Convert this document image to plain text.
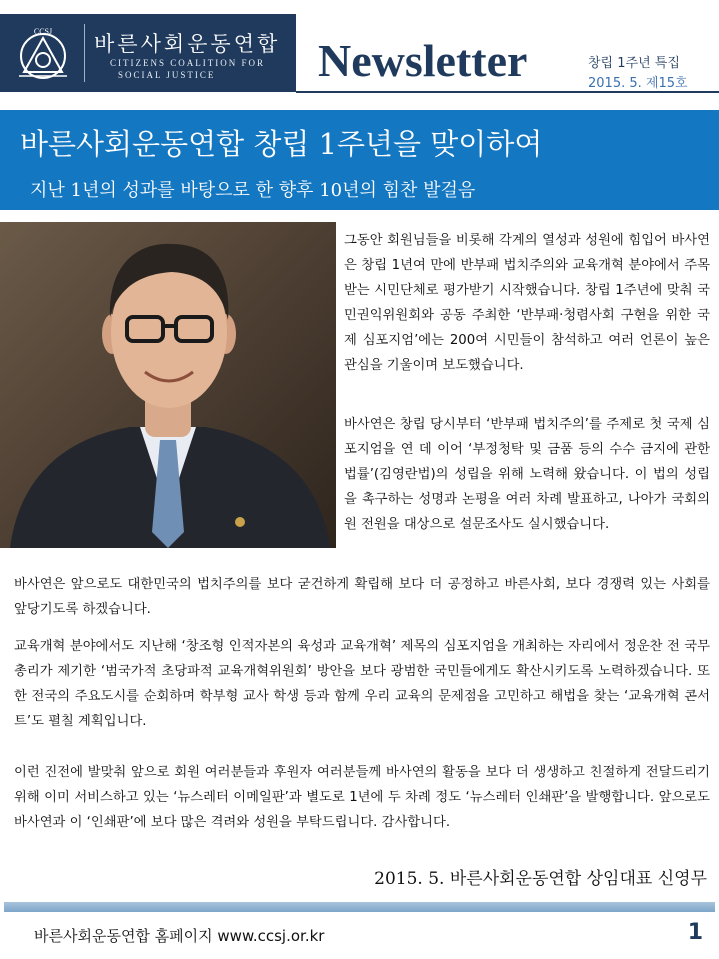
CCSJ
바른사회운동연합
CITIZENS COALITION FOR
SOCIAL JUSTICE Newsletter	창립 1주년 특집
2015. 5. 제15호
바른사회운동연합 창립 1주년을 맞이하여
지난 1년의 성과를 바탕으로 한 향후 10년의 힘찬 발걸음

그동안 회원님들을 비롯해 각계의 열성과 성원에 힘입어 바사연은 창립 1년여 만에 반부패 법치주의와 교육개혁 분야에서 주목받는 시민단체로 평가받기 시작했습니다. 창립 1주년에 맞춰 국민권익위원회와 공동 주최한 ‘반부패·청렴사회 구현을 위한 국제 심포지엄’에는 200여 시민들이 참석하고 여러 언론이 높은 관심을 기울이며 보도했습니다.

바사연은 창립 당시부터 ‘반부패 법치주의’를 주제로 첫 국제 심포지엄을 연 데 이어 ‘부정청탁 및 금품 등의 수수 금지에 관한 법률’(김영란법)의 성립을 위해 노력해 왔습니다. 이 법의 성립을 촉구하는 성명과 논평을 여러 차례 발표하고, 나아가 국회의원 전원을 대상으로 설문조사도 실시했습니다.

바사연은 앞으로도 대한민국의 법치주의를 보다 굳건하게 확립해 보다 더 공정하고 바른사회, 보다 경쟁력 있는 사회를 앞당기도록 하겠습니다.

교육개혁 분야에서도 지난해 ‘창조형 인적자본의 육성과 교육개혁’ 제목의 심포지엄을 개최하는 자리에서 정운찬 전 국무총리가 제기한 ‘범국가적 초당파적 교육개혁위원회’ 방안을 보다 광범한 국민들에게도 확산시키도록 노력하겠습니다. 또한 전국의 주요도시를 순회하며 학부형 교사 학생 등과 함께 우리 교육의 문제점을 고민하고 해법을 찾는 ‘교육개혁 콘서트’도 펼칠 계획입니다.

이런 진전에 발맞춰 앞으로 회원 여러분들과 후원자 여러분들께 바사연의 활동을 보다 더 생생하고 친절하게 전달드리기 위해 이미 서비스하고 있는 ‘뉴스레터 이메일판’과 별도로 1년에 두 차례 정도 ‘뉴스레터 인쇄판’을 발행합니다. 앞으로도 바사연과 이 ‘인쇄판’에 보다 많은 격려와 성원을 부탁드립니다. 감사합니다.

2015. 5. 바른사회운동연합 상임대표 신영무
바른사회운동연합 홈페이지 www.ccsj.or.kr	1
